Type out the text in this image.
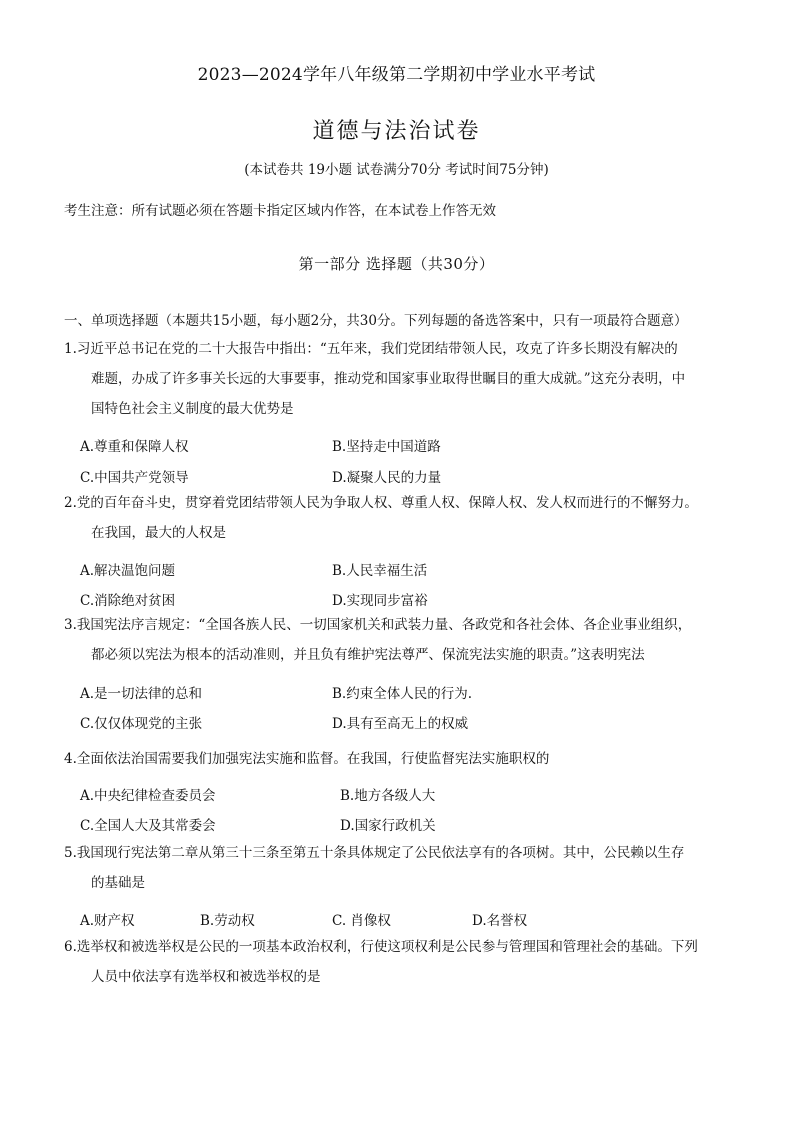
2023—2024学年八年级第二学期初中学业水平考试
道德与法治试卷
(本试卷共 19小题 试卷满分70分 考试时间75分钟)
考生注意：所有试题必须在答题卡指定区域内作答，在本试卷上作答无效
第一部分 选择题（共30分）
一、单项选择题（本题共15小题，每小题2分，共30分。下列每题的备选答案中，只有一项最符合题意）
1.习近平总书记在党的二十大报告中指出：“五年来，我们党团结带领人民，攻克了许多长期没有解决的
难题，办成了许多事关长远的大事要事，推动党和国家事业取得世瞩目的重大成就。”这充分表明，中
国特色社会主义制度的最大优势是
A.尊重和保障人权	B.坚持走中国道路
C.中国共产党领导	D.凝聚人民的力量
2.党的百年奋斗史，贯穿着党团结带领人民为争取人权、尊重人权、保障人权、发人权而进行的不懈努力。
在我国，最大的人权是
A.解决温饱问题	B.人民幸福生活
C.消除绝对贫困	D.实现同步富裕
3.我国宪法序言规定：“全国各族人民、一切国家机关和武装力量、各政党和各社会体、各企业事业组织，
都必须以宪法为根本的活动准则，并且负有维护宪法尊严、保流宪法实施的职责。”这表明宪法
A.是一切法律的总和	B.约束全体人民的行为.
C.仅仅体现党的主张	D.具有至高无上的权威
4.全面依法治国需要我们加强宪法实施和监督。在我国，行使监督宪法实施职权的
A.中央纪律检查委员会	B.地方各级人大
C.全国人大及其常委会	D.国家行政机关
5.我国现行宪法第二章从第三十三条至第五十条具体规定了公民依法享有的各项树。其中，公民赖以生存
的基础是
A.财产权	B.劳动权	C. 肖像权	D.名誉权
6.选举权和被选举权是公民的一项基本政治权利，行使这项权利是公民参与管理国和管理社会的基础。下列
人员中依法享有选举权和被选举权的是
